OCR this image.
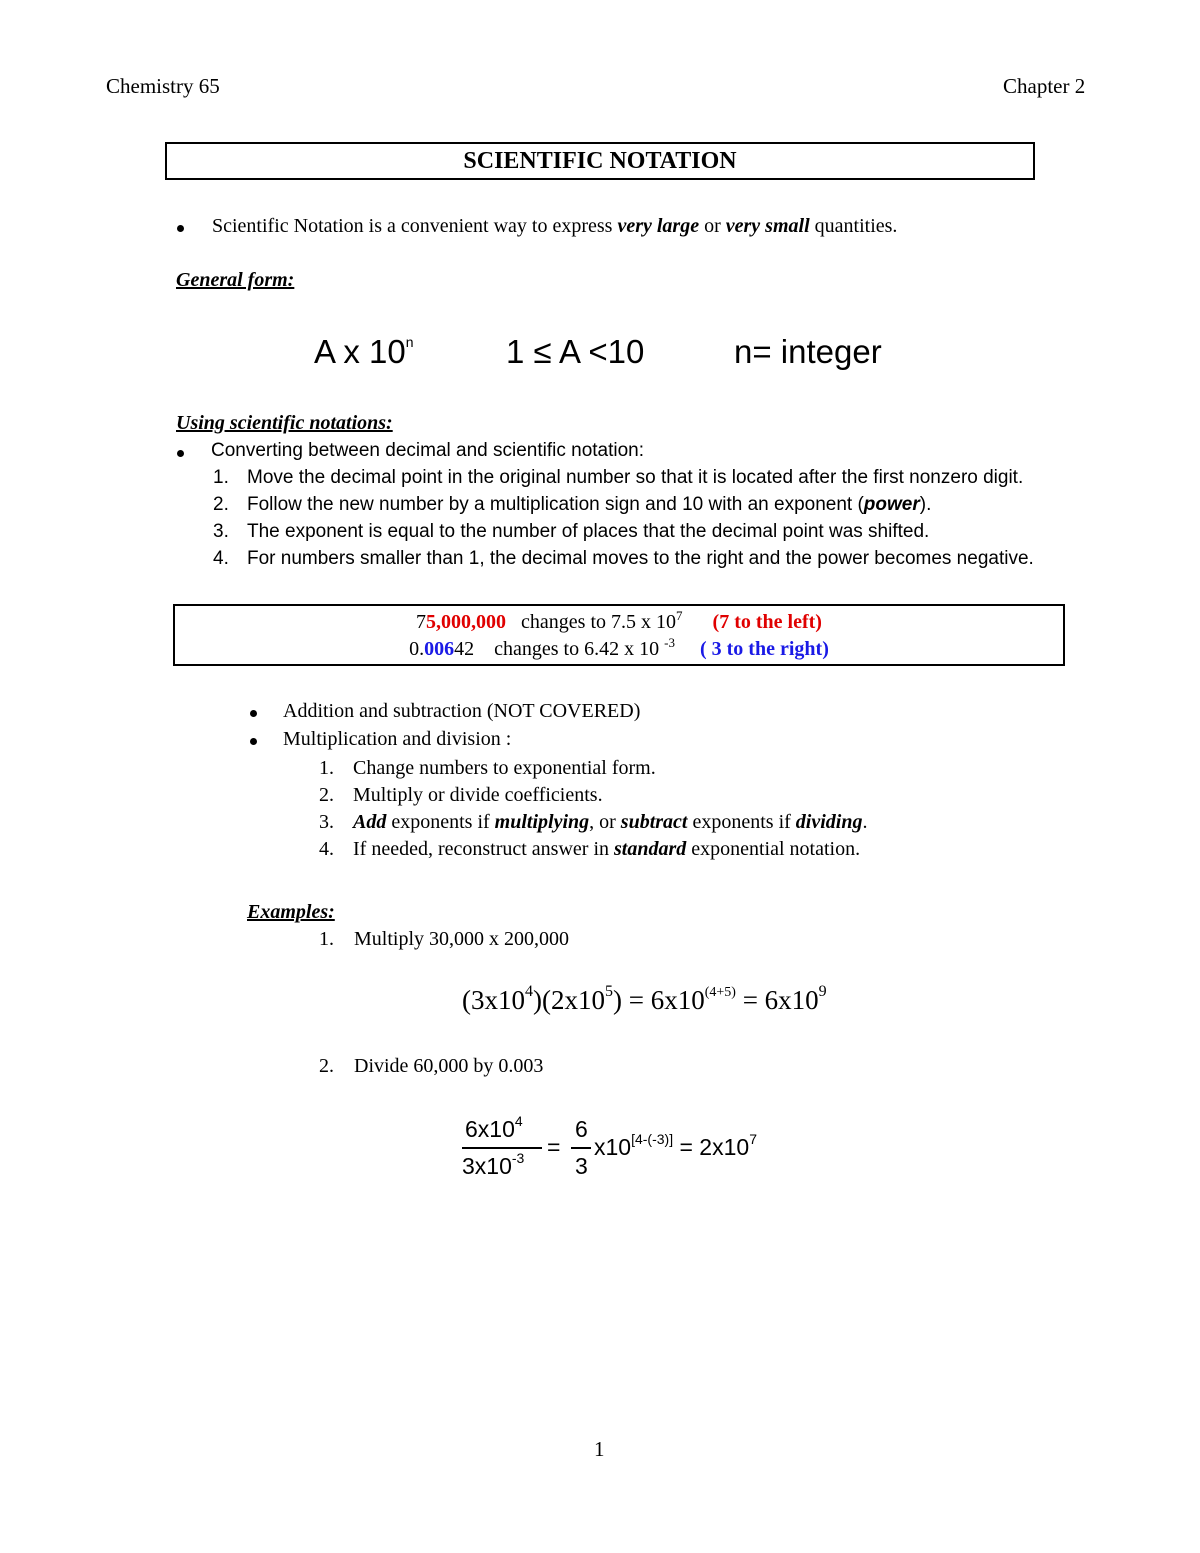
Chemistry 65	Chapter 2
SCIENTIFIC NOTATION
Scientific Notation is a convenient way to express very large or very small quantities.
General form:
A x 10$^n$	1 ≤ A <10	n= integer
Using scientific notations:
Converting between decimal and scientific notation:
1. Move the decimal point in the original number so that it is located after the first nonzero digit.
2. Follow the new number by a multiplication sign and 10 with an exponent (power).
3. The exponent is equal to the number of places that the decimal point was shifted.
4. For numbers smaller than 1, the decimal moves to the right and the power becomes negative.
75,000,000   changes to 7.5 x $10^7$ (7 to the left)
0.00642    changes to 6.42 x 10 $^{-3}$ ( 3 to the right)
Addition and subtraction (NOT COVERED)
Multiplication and division :
1. Change numbers to exponential form.
2. Multiply or divide coefficients.
3. Add exponents if multiplying, or subtract exponents if dividing.
4. If needed, reconstruct answer in standard exponential notation.
Examples:
1. Multiply 30,000 x 200,000
$(3x10^4)(2x10^5) = 6x10^{(4+5)} = 6x10^9$
2. Divide 60,000 by 0.003
$6x10^4$
$3x10^{-3}$ =
6
3
$x10[4-(-3)] = 2x10^7$
1
